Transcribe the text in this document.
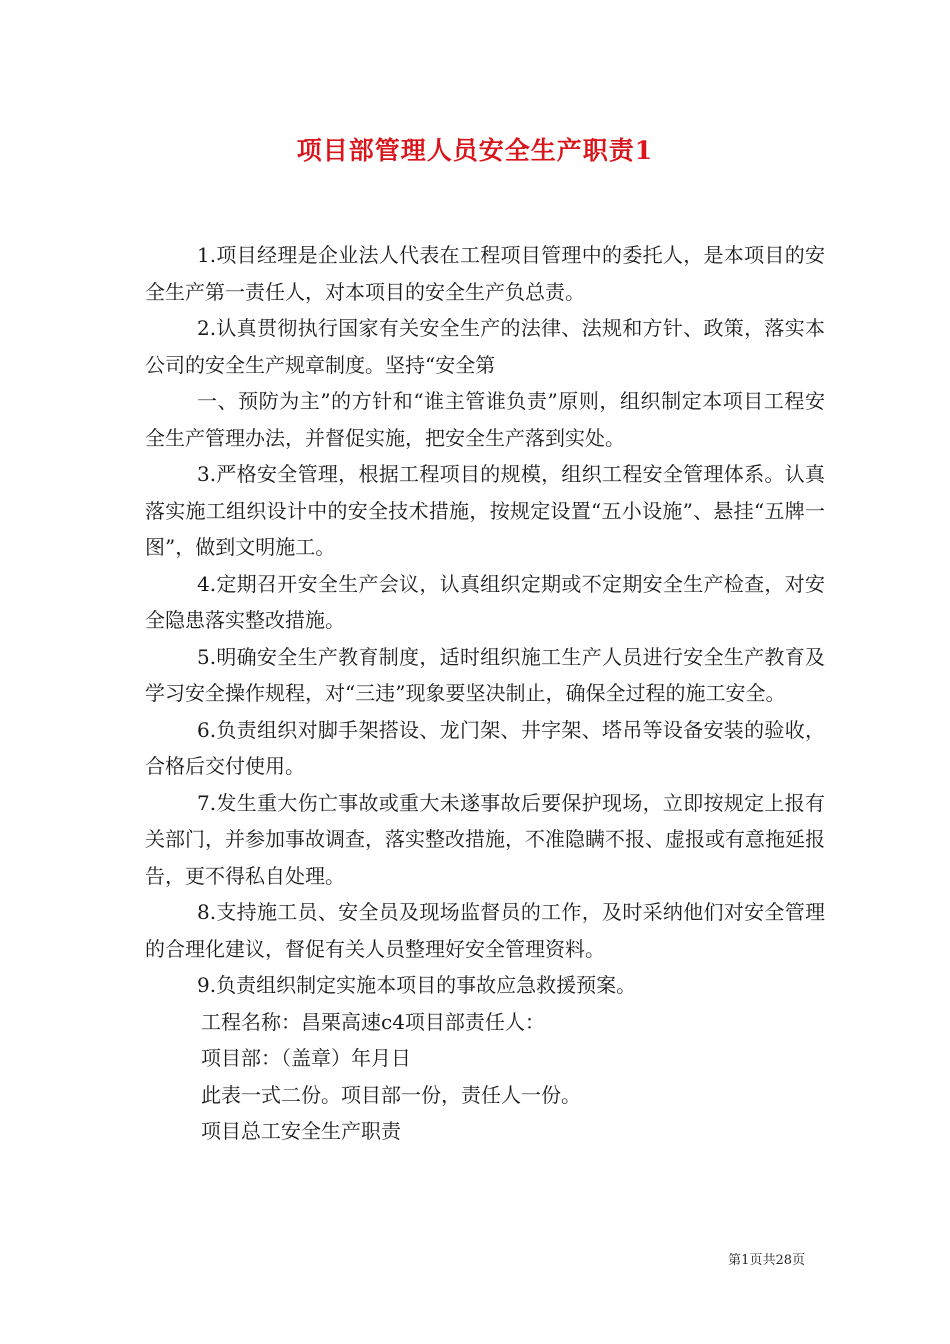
项目部管理人员安全生产职责1

1.项目经理是企业法人代表在工程项目管理中的委托人，是本项目的安全生产第一责任人，对本项目的安全生产负总责。

2.认真贯彻执行国家有关安全生产的法律、法规和方针、政策，落实本公司的安全生产规章制度。坚持“安全第

一、预防为主”的方针和“谁主管谁负责”原则，组织制定本项目工程安全生产管理办法，并督促实施，把安全生产落到实处。

3.严格安全管理，根据工程项目的规模，组织工程安全管理体系。认真落实施工组织设计中的安全技术措施，按规定设置“五小设施”、悬挂“五牌一图”，做到文明施工。

4.定期召开安全生产会议，认真组织定期或不定期安全生产检查，对安全隐患落实整改措施。

5.明确安全生产教育制度，适时组织施工生产人员进行安全生产教育及学习安全操作规程，对“三违”现象要坚决制止，确保全过程的施工安全。

6.负责组织对脚手架搭设、龙门架、井字架、塔吊等设备安装的验收，合格后交付使用。

7.发生重大伤亡事故或重大未遂事故后要保护现场，立即按规定上报有关部门，并参加事故调查，落实整改措施，不准隐瞒不报、虚报或有意拖延报告，更不得私自处理。

8.支持施工员、安全员及现场监督员的工作，及时采纳他们对安全管理的合理化建议，督促有关人员整理好安全管理资料。

9.负责组织制定实施本项目的事故应急救援预案。

工程名称：昌栗高速c4项目部责任人：

项目部：（盖章）年月日

此表一式二份。项目部一份，责任人一份。

项目总工安全生产职责

第1页共28页
